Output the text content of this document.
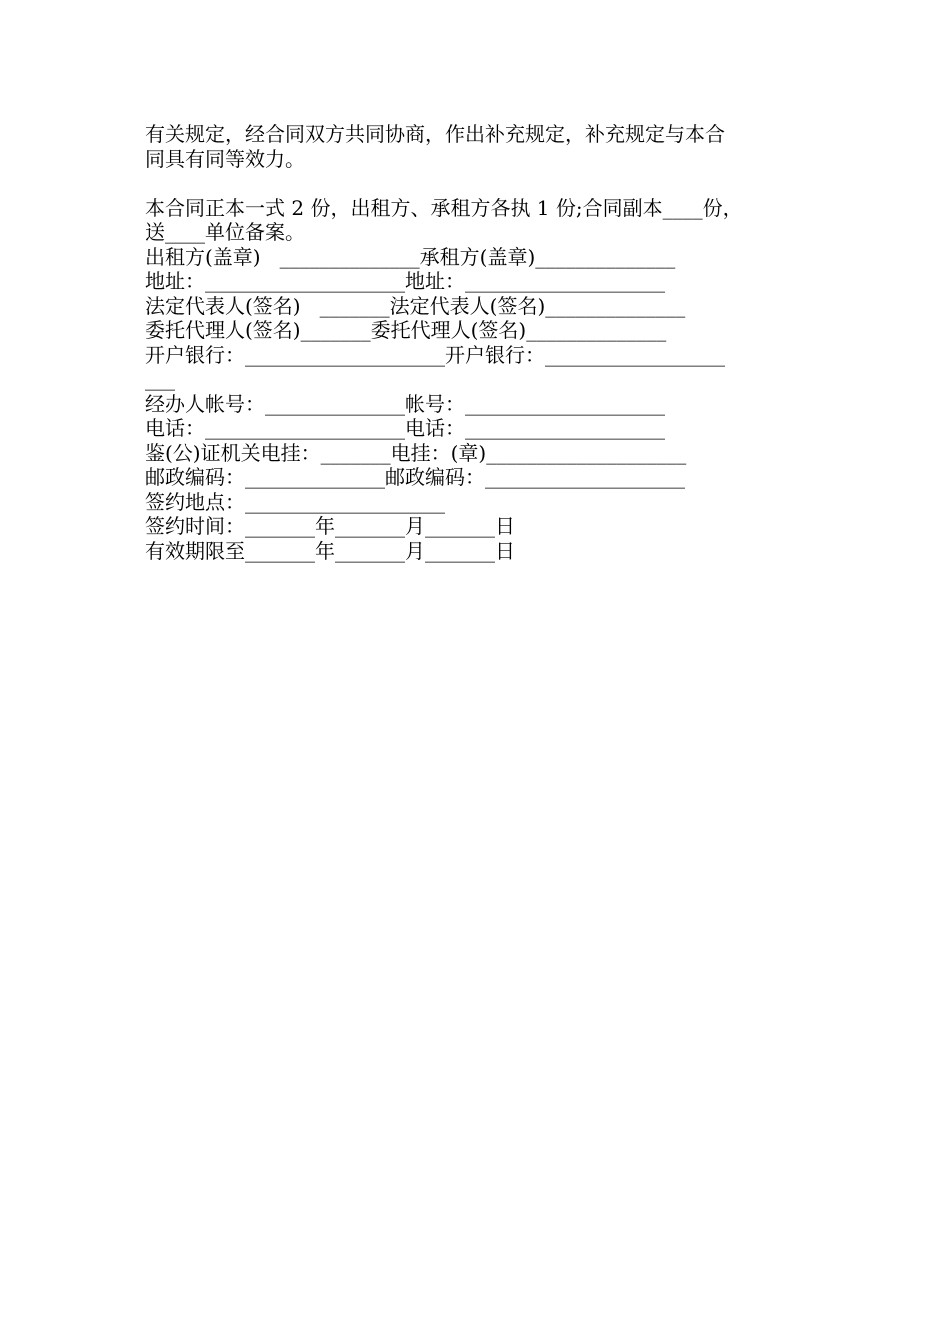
有关规定，经合同双方共同协商，作出补充规定，补充规定与本合
同具有同等效力。
本合同正本一式 2 份，出租方、承租方各执 1 份;合同副本____份，
送____单位备案。
出租方(盖章)   ______________承租方(盖章)______________
地址：____________________地址：____________________
法定代表人(签名)   _______法定代表人(签名)______________
委托代理人(签名)_______委托代理人(签名)______________
开户银行：____________________开户银行：__________________
___
经办人帐号：______________帐号：____________________
电话：____________________电话：____________________
鉴(公)证机关电挂：_______电挂：(章)____________________
邮政编码：______________邮政编码：____________________
签约地点：____________________
签约时间：_______年_______月_______日
有效期限至_______年_______月_______日
